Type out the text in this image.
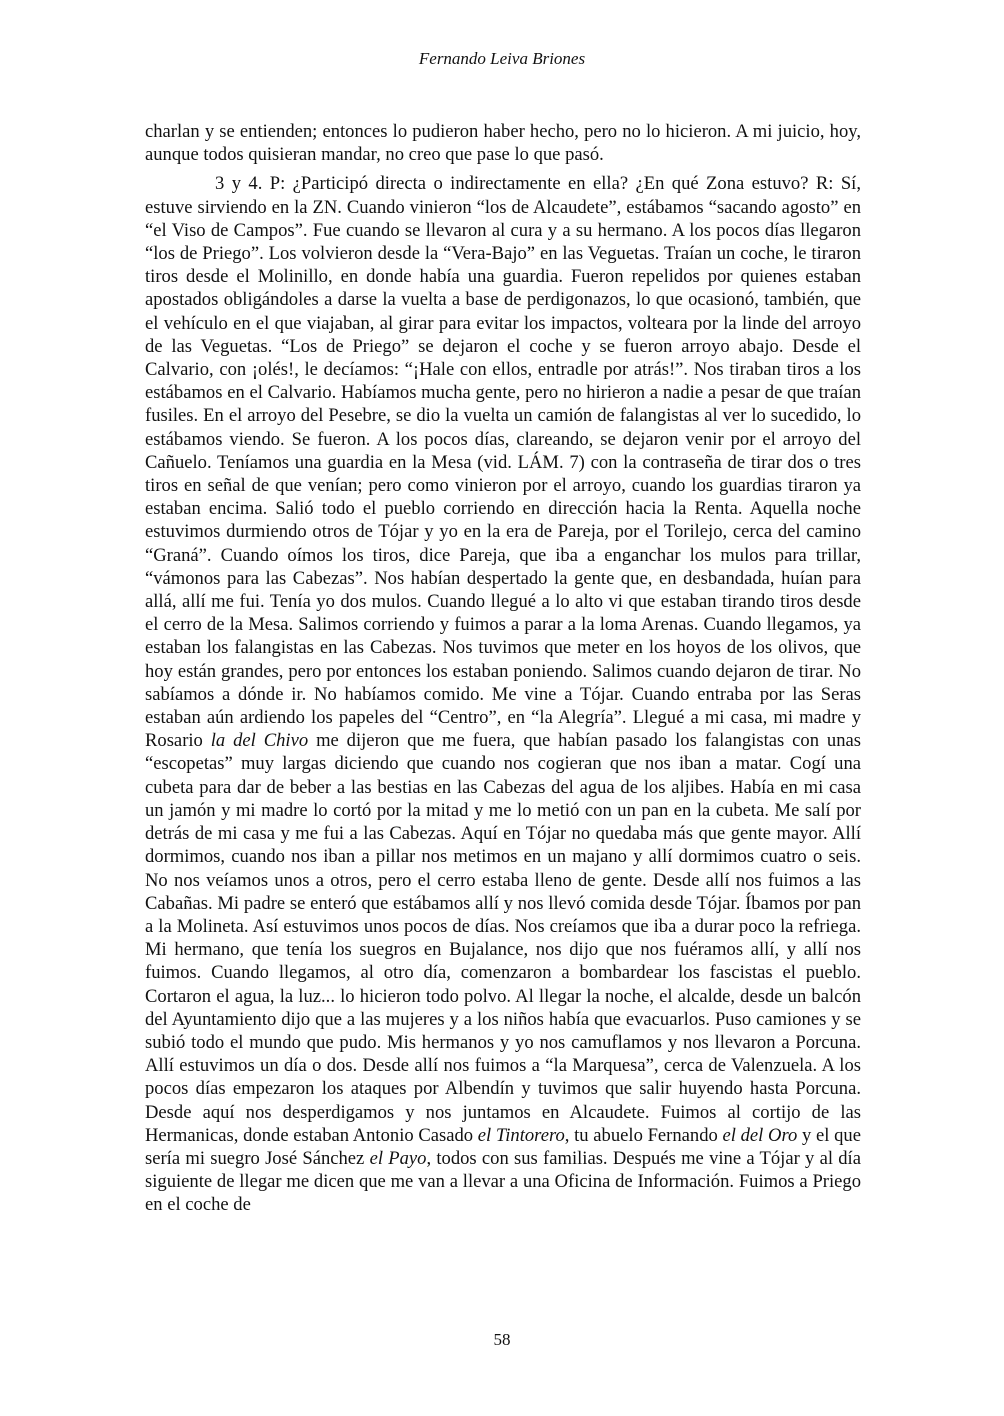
Fernando Leiva Briones

charlan y se entienden; entonces lo pudieron haber hecho, pero no lo hicieron. A mi juicio, hoy, aunque todos quisieran mandar, no creo que pase lo que pasó.

3 y 4. P: ¿Participó directa o indirectamente en ella? ¿En qué Zona estuvo? R: Sí, estuve sirviendo en la ZN. Cuando vinieron “los de Alcaudete”, estábamos “sacando agosto” en “el Viso de Campos”. Fue cuando se llevaron al cura y a su hermano. A los pocos días llegaron “los de Priego”. Los volvieron desde la “Vera-Bajo” en las Veguetas. Traían un coche, le tiraron tiros desde el Molinillo, en donde había una guardia. Fueron repelidos por quienes estaban apostados obligándoles a darse la vuelta a base de perdigonazos, lo que ocasionó, también, que el vehículo en el que viajaban, al girar para evitar los impactos, volteara por la linde del arroyo de las Veguetas. “Los de Priego” se dejaron el coche y se fueron arroyo abajo. Desde el Calvario, con ¡olés!, le decíamos: “¡Hale con ellos, entradle por atrás!”. Nos tiraban tiros a los estábamos en el Calvario. Habíamos mucha gente, pero no hirieron a nadie a pesar de que traían fusiles. En el arroyo del Pesebre, se dio la vuelta un camión de falangistas al ver lo sucedido, lo estábamos viendo. Se fueron. A los pocos días, clareando, se dejaron venir por el arroyo del Cañuelo. Teníamos una guardia en la Mesa (vid. LÁM. 7) con la contraseña de tirar dos o tres tiros en señal de que venían; pero como vinieron por el arroyo, cuando los guardias tiraron ya estaban encima. Salió todo el pueblo corriendo en dirección hacia la Renta. Aquella noche estuvimos durmiendo otros de Tójar y yo en la era de Pareja, por el Torilejo, cerca del camino “Graná”. Cuando oímos los tiros, dice Pareja, que iba a enganchar los mulos para trillar, “vámonos para las Cabezas”. Nos habían despertado la gente que, en desbandada, huían para allá, allí me fui. Tenía yo dos mulos. Cuando llegué a lo alto vi que estaban tirando tiros desde el cerro de la Mesa. Salimos corriendo y fuimos a parar a la loma Arenas. Cuando llegamos, ya estaban los falangistas en las Cabezas. Nos tuvimos que meter en los hoyos de los olivos, que hoy están grandes, pero por entonces los estaban poniendo. Salimos cuando dejaron de tirar. No sabíamos a dónde ir. No habíamos comido. Me vine a Tójar. Cuando entraba por las Seras estaban aún ardiendo los papeles del “Centro”, en “la Alegría”. Llegué a mi casa, mi madre y Rosario la del Chivo me dijeron que me fuera, que habían pasado los falangistas con unas “escopetas” muy largas diciendo que cuando nos cogieran que nos iban a matar. Cogí una cubeta para dar de beber a las bestias en las Cabezas del agua de los aljibes. Había en mi casa un jamón y mi madre lo cortó por la mitad y me lo metió con un pan en la cubeta. Me salí por detrás de mi casa y me fui a las Cabezas. Aquí en Tójar no quedaba más que gente mayor. Allí dormimos, cuando nos iban a pillar nos metimos en un majano y allí dormimos cuatro o seis. No nos veíamos unos a otros, pero el cerro estaba lleno de gente. Desde allí nos fuimos a las Cabañas. Mi padre se enteró que estábamos allí y nos llevó comida desde Tójar. Íbamos por pan a la Molineta. Así estuvimos unos pocos de días. Nos creíamos que iba a durar poco la refriega. Mi hermano, que tenía los suegros en Bujalance, nos dijo que nos fuéramos allí, y allí nos fuimos. Cuando llegamos, al otro día, comenzaron a bombardear los fascistas el pueblo. Cortaron el agua, la luz... lo hicieron todo polvo. Al llegar la noche, el alcalde, desde un balcón del Ayuntamiento dijo que a las mujeres y a los niños había que evacuarlos. Puso camiones y se subió todo el mundo que pudo. Mis hermanos y yo nos camuflamos y nos llevaron a Porcuna. Allí estuvimos un día o dos. Desde allí nos fuimos a “la Marquesa”, cerca de Valenzuela. A los pocos días empezaron los ataques por Albendín y tuvimos que salir huyendo hasta Porcuna. Desde aquí nos desperdigamos y nos juntamos en Alcaudete. Fuimos al cortijo de las Hermanicas, donde estaban Antonio Casado el Tintorero, tu abuelo Fernando el del Oro y el que sería mi suegro José Sánchez el Payo, todos con sus familias. Después me vine a Tójar y al día siguiente de llegar me dicen que me van a llevar a una Oficina de Información. Fuimos a Priego en el coche de

58
